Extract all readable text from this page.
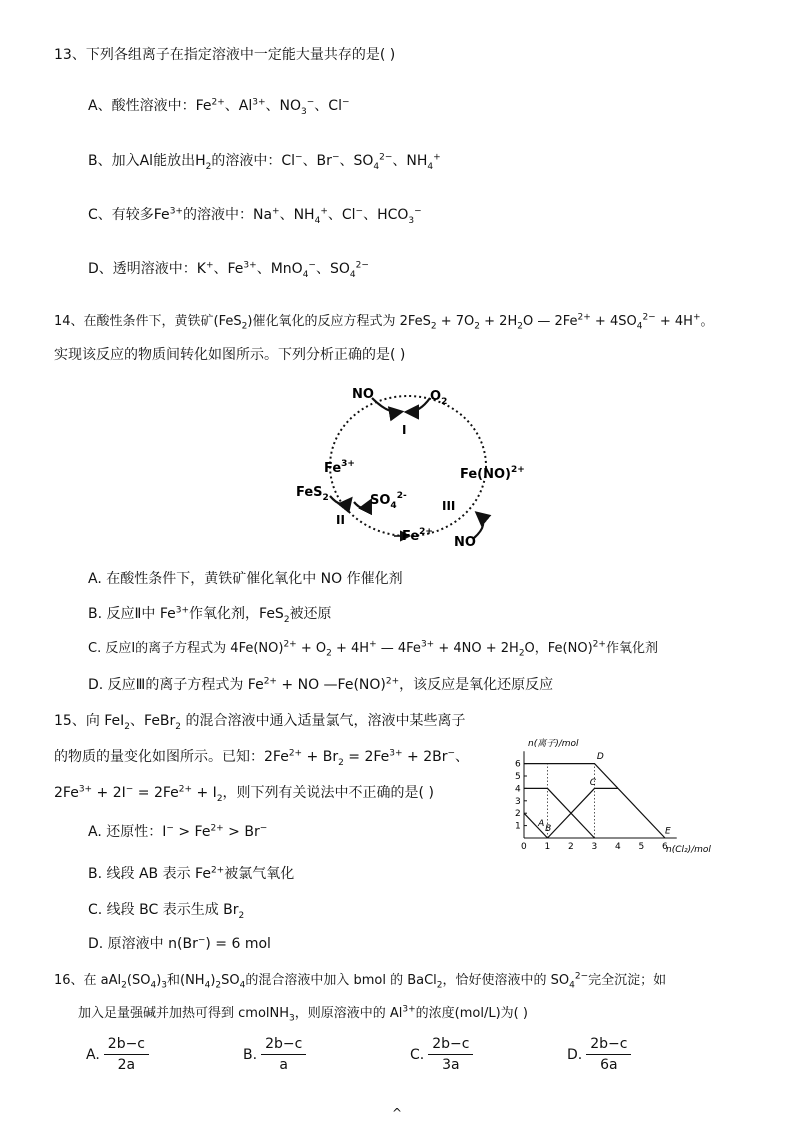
13、下列各组离子在指定溶液中一定能大量共存的是( )
A、酸性溶液中：$Fe^{2+}$、$Al^{3+}$、$NO_3^-$、Cl−
B、加入Al能放出$H_2$的溶液中：Cl−、Br−、$SO_4^{2-}$、$NH_4^+$
C、有较多$Fe^{3+}$的溶液中：Na+、$NH_4^+$、Cl−、$HCO_3^-$
D、透明溶液中：K+、$Fe^{3+}$、MnO$_4$−、$SO_4^{2-}$
14、在酸性条件下，黄铁矿(FeS$_2$)催化氧化的反应方程式为 $2FeS_2 + 7O_2 + 2H_2O$ — $2Fe^{2+} + 4SO_4^{2-} + 4H^+$。
实现该反应的物质间转化如图所示。下列分析正确的是( )
NO	$O_2$
I
$Fe^{3+}$
FeS$_2$	$SO_4^{2-}$
II
III
Fe(NO)$^{2+}$
$Fe^{2+}$
NO
A. 在酸性条件下，黄铁矿催化氧化中 NO 作催化剂
B. 反应Ⅱ中 $Fe^{3+}$作氧化剂，FeS$_2$被还原
C. 反应Ⅰ的离子方程式为 $4Fe(NO)^{2+} + O_2 + 4H^+$ — $4Fe^{3+} + 4NO + 2H_2O$，Fe(NO)$^{2+}$作氧化剂
D. 反应Ⅲ的离子方程式为 $Fe^{2+}$ + NO —Fe(NO)$^{2+}$，该反应是氧化还原反应
15、向 FeI$_2$、FeBr$_2$ 的混合溶液中通入适量氯气，溶液中某些离子
的物质的量变化如图所示。已知：$2Fe^{2+} + Br_2 = 2Fe^{3+} + 2Br^-$、
$2Fe^{3+} + 2I^- = 2Fe^{2+} + I_2$，则下列有关说法中不正确的是( )
A. 还原性：$I^- > Fe^{2+} > Br^-$
B. 线段 AB 表示 $Fe^{2+}$被氯气氧化
C. 线段 BC 表示生成 $Br_2$
D. 原溶液中 n(Br−) = 6 mol
0 1 2 3 4 5 6
1
2
3
4
5
6
A B
C
D
E
n(离子)/mol
n(Cl₂)/mol
16、在 $aAl_2(SO_4)_3$和$(NH_4)_2SO_4$的混合溶液中加入 bmol 的 BaCl$_2$，恰好使溶液中的 $SO_4^{2-}$完全沉淀；如
加入足量强碱并加热可得到 cmolNH$_3$，则原溶液中的 $Al^{3+}$的浓度(mol/L)为( )
A. $\frac{2b-c}{2a}$	B. $\frac{2b-c}{a}$	C. $\frac{2b-c}{3a}$	D. $\frac{2b-c}{6a}$
^
